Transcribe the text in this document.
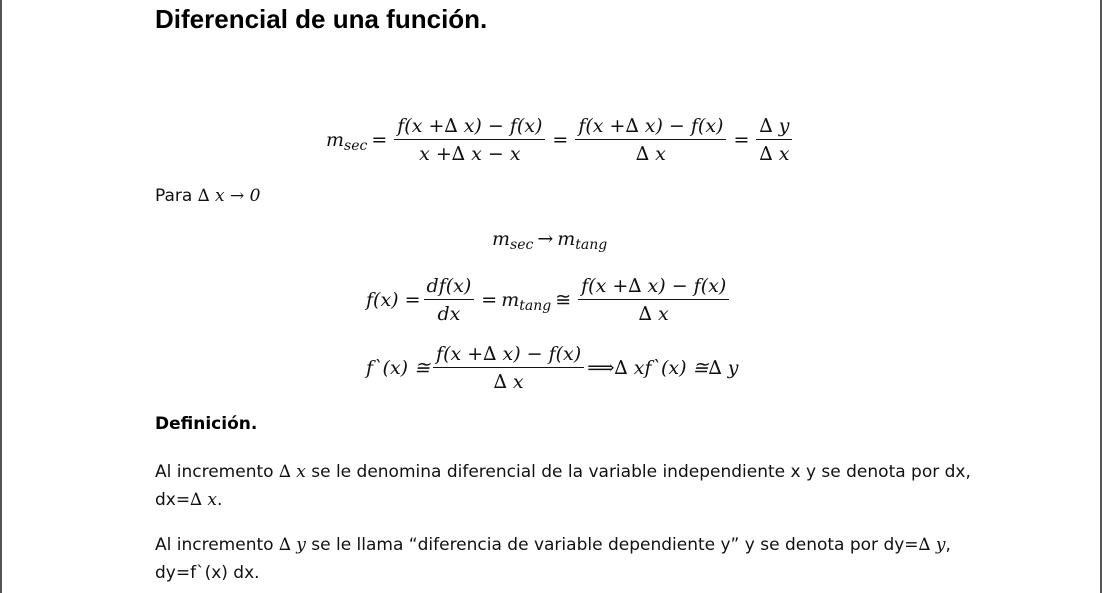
Diferencial de una función.
m $\sec = \frac{f(x +\Delta x) - f(x)}{x +\Delta x - x} = \frac{f(x +\Delta x) - f(x)}{\Delta x} = \frac{\Delta y}{\Delta x}$
Para ∆ x → 0
m sec → m tang
$f(x) = \frac{df(x)}{dx} = m$ tang ≅ $\frac{f(x +\Delta x) - f(x)}{\Delta x}$
f`(x) ≅ $\frac{f(x +\Delta x) - f(x)}{\Delta x}$ ⟹∆ xf`(x) ≅∆ y
Definición.
Al incremento ∆ x se le denomina diferencial de la variable independiente x y se denota por dx,
dx=∆ x.
Al incremento ∆ y se le llama “diferencia de variable dependiente y” y se denota por dy=∆ y,
dy=f`(x) dx.
